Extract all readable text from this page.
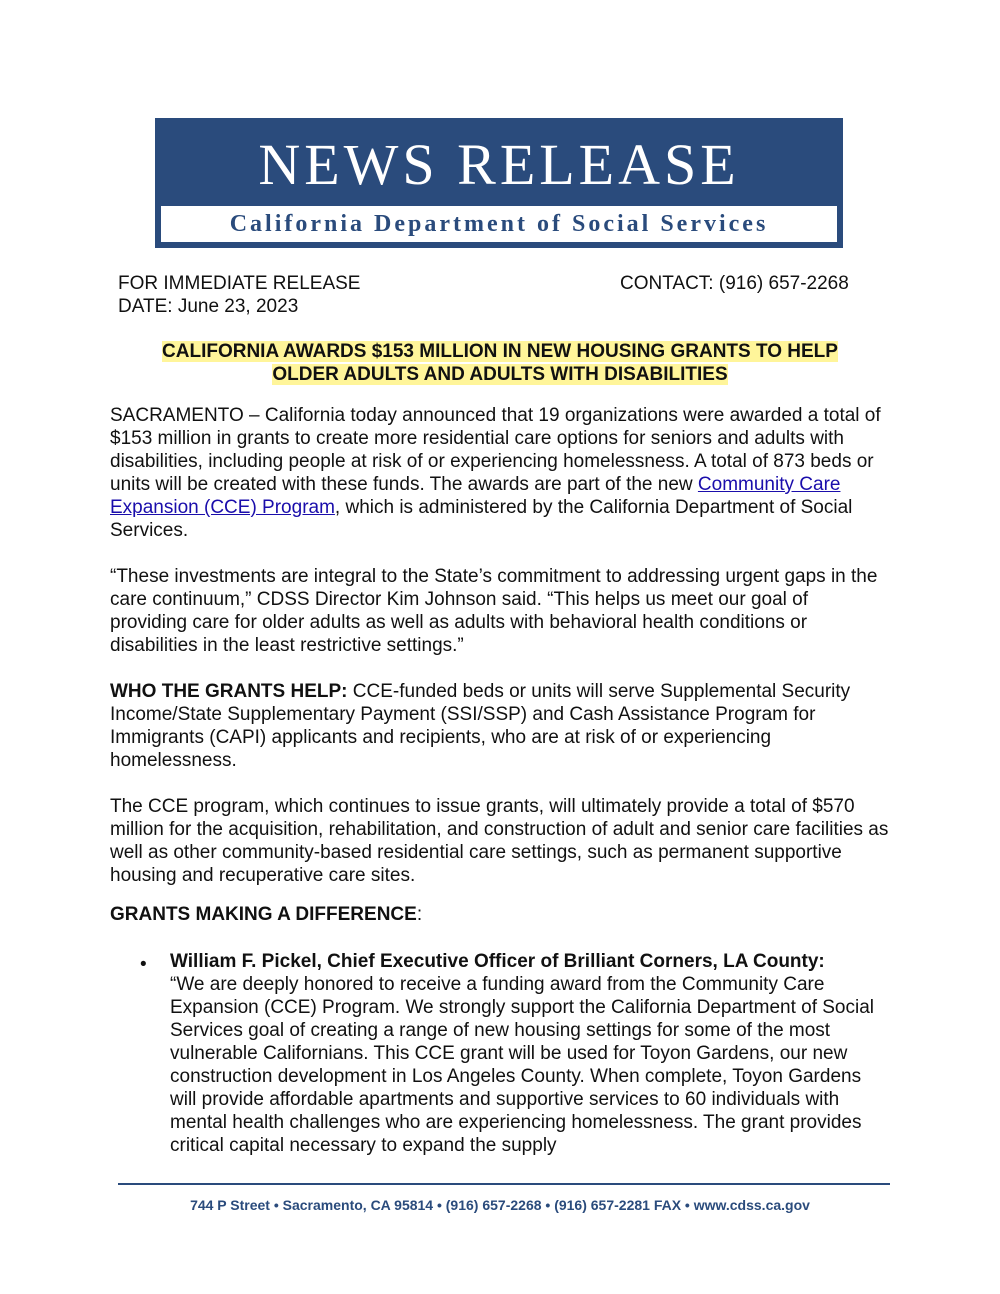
NEWS RELEASE
California Department of Social Services
FOR IMMEDIATE RELEASE
DATE: June 23, 2023
CONTACT: (916) 657-2268
CALIFORNIA AWARDS $153 MILLION IN NEW HOUSING GRANTS TO HELP
OLDER ADULTS AND ADULTS WITH DISABILITIES

SACRAMENTO – California today announced that 19 organizations were awarded a total of $153 million in grants to create more residential care options for seniors and adults with disabilities, including people at risk of or experiencing homelessness. A total of 873 beds or units will be created with these funds. The awards are part of the new Community Care Expansion (CCE) Program, which is administered by the California Department of Social Services.

“These investments are integral to the State’s commitment to addressing urgent gaps in the care continuum,” CDSS Director Kim Johnson said. “This helps us meet our goal of providing care for older adults as well as adults with behavioral health conditions or disabilities in the least restrictive settings.”

WHO THE GRANTS HELP: CCE-funded beds or units will serve Supplemental Security Income/State Supplementary Payment (SSI/SSP) and Cash Assistance Program for Immigrants (CAPI) applicants and recipients, who are at risk of or experiencing homelessness.

The CCE program, which continues to issue grants, will ultimately provide a total of $570 million for the acquisition, rehabilitation, and construction of adult and senior care facilities as well as other community-based residential care settings, such as permanent supportive housing and recuperative care sites.

GRANTS MAKING A DIFFERENCE:

• William F. Pickel, Chief Executive Officer of Brilliant Corners, LA County:
“We are deeply honored to receive a funding award from the Community Care Expansion (CCE) Program. We strongly support the California Department of Social Services goal of creating a range of new housing settings for some of the most vulnerable Californians. This CCE grant will be used for Toyon Gardens, our new construction development in Los Angeles County. When complete, Toyon Gardens will provide affordable apartments and supportive services to 60 individuals with mental health challenges who are experiencing homelessness. The grant provides critical capital necessary to expand the supply

744 P Street • Sacramento, CA 95814 • (916) 657-2268 • (916) 657-2281 FAX • www.cdss.ca.gov
